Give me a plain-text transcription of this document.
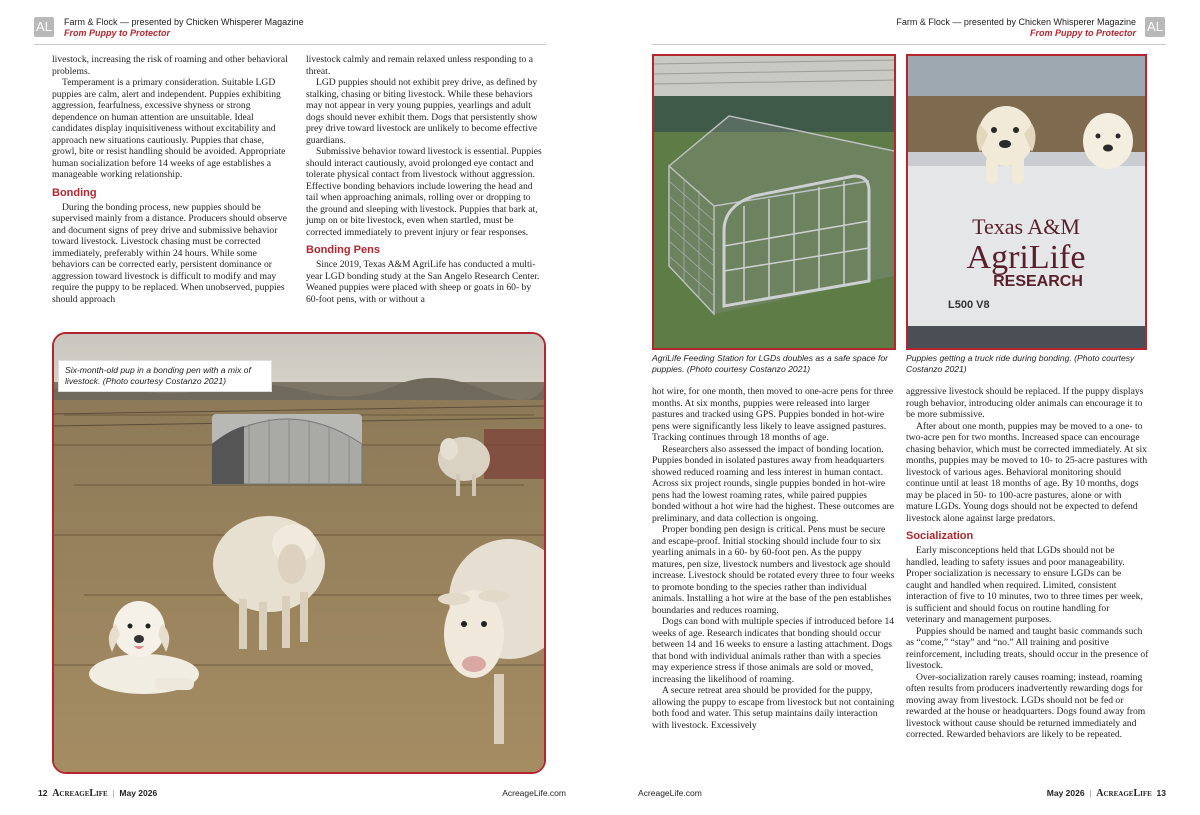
AL Farm & Flock — presented by Chicken Whisperer Magazine
From Puppy to Protector	AL
Farm & Flock — presented by Chicken Whisperer Magazine
From Puppy to Protector

livestock, increasing the risk of roaming and other behavioral problems.

Temperament is a primary consideration. Suitable LGD puppies are calm, alert and independent. Puppies exhibiting aggression, fearfulness, excessive shyness or strong dependence on human attention are unsuitable. Ideal candidates display inquisitiveness without excitability and approach new situations cautiously. Puppies that chase, growl, bite or resist handling should be avoided. Appropriate human socialization before 14 weeks of age establishes a manageable working relationship.

Bonding

During the bonding process, new puppies should be supervised mainly from a distance. Producers should observe and document signs of prey drive and submissive behavior toward livestock. Livestock chasing must be corrected immediately, preferably within 24 hours. While some behaviors can be corrected early, persistent dominance or aggression toward livestock is difficult to modify and may require the puppy to be replaced. When unobserved, puppies should approach

livestock calmly and remain relaxed unless responding to a threat.

LGD puppies should not exhibit prey drive, as defined by stalking, chasing or biting livestock. While these behaviors may not appear in very young puppies, yearlings and adult dogs should never exhibit them. Dogs that persistently show prey drive toward livestock are unlikely to become effective guardians.

Submissive behavior toward livestock is essential. Puppies should interact cautiously, avoid prolonged eye contact and tolerate physical contact from livestock without aggression. Effective bonding behaviors include lowering the head and tail when approaching animals, rolling over or dropping to the ground and sleeping with livestock. Puppies that bark at, jump on or bite livestock, even when startled, must be corrected immediately to prevent injury or fear responses.

Bonding Pens

Since 2019, Texas A&M AgriLife has conducted a multi-year LGD bonding study at the San Angelo Research Center. Weaned puppies were placed with sheep or goats in 60- by 60-foot pens, with or without a

Six-month-old pup in a bonding pen with a mix of livestock. (Photo courtesy Costanzo 2021)
AgriLife Feeding Station for LGDs doubles as a safe space for puppies. (Photo courtesy Costanzo 2021)
Texas A&M
AgriLife
RESEARCH
L500 V8
Puppies getting a truck ride during bonding. (Photo courtesy Costanzo 2021)

hot wire, for one month, then moved to one-acre pens for three months. At six months, puppies were released into larger pastures and tracked using GPS. Puppies bonded in hot-wire pens were significantly less likely to leave assigned pastures. Tracking continues through 18 months of age.

Researchers also assessed the impact of bonding location. Puppies bonded in isolated pastures away from headquarters showed reduced roaming and less interest in human contact. Across six project rounds, single puppies bonded in hot-wire pens had the lowest roaming rates, while paired puppies bonded without a hot wire had the highest. These outcomes are preliminary, and data collection is ongoing.

Proper bonding pen design is critical. Pens must be secure and escape-proof. Initial stocking should include four to six yearling animals in a 60- by 60-foot pen. As the puppy matures, pen size, livestock numbers and livestock age should increase. Livestock should be rotated every three to four weeks to promote bonding to the species rather than individual animals. Installing a hot wire at the base of the pen establishes boundaries and reduces roaming.

Dogs can bond with multiple species if introduced before 14 weeks of age. Research indicates that bonding should occur between 14 and 16 weeks to ensure a lasting attachment. Dogs that bond with individual animals rather than with a species may experience stress if those animals are sold or moved, increasing the likelihood of roaming.

A secure retreat area should be provided for the puppy, allowing the puppy to escape from livestock but not containing both food and water. This setup maintains daily interaction with livestock. Excessively

aggressive livestock should be replaced. If the puppy displays rough behavior, introducing older animals can encourage it to be more submissive.

After about one month, puppies may be moved to a one- to two-acre pen for two months. Increased space can encourage chasing behavior, which must be corrected immediately. At six months, puppies may be moved to 10- to 25-acre pastures with livestock of various ages. Behavioral monitoring should continue until at least 18 months of age. By 10 months, dogs may be placed in 50- to 100-acre pastures, alone or with mature LGDs. Young dogs should not be expected to defend livestock alone against large predators.

Socialization

Early misconceptions held that LGDs should not be handled, leading to safety issues and poor manageability. Proper socialization is necessary to ensure LGDs can be caught and handled when required. Limited, consistent interaction of five to 10 minutes, two to three times per week, is sufficient and should focus on routine handling for veterinary and management purposes.

Puppies should be named and taught basic commands such as “come,” “stay” and “no.” All training and positive reinforcement, including treats, should occur in the presence of livestock.

Over-socialization rarely causes roaming; instead, roaming often results from producers inadvertently rewarding dogs for moving away from livestock. LGDs should not be fed or rewarded at the house or headquarters. Dogs found away from livestock without cause should be returned immediately and corrected. Rewarded behaviors are likely to be repeated.

12 AcreageLife  |  May 2026	AcreageLife.com	AcreageLife.com	May 2026  |  AcreageLife 13
